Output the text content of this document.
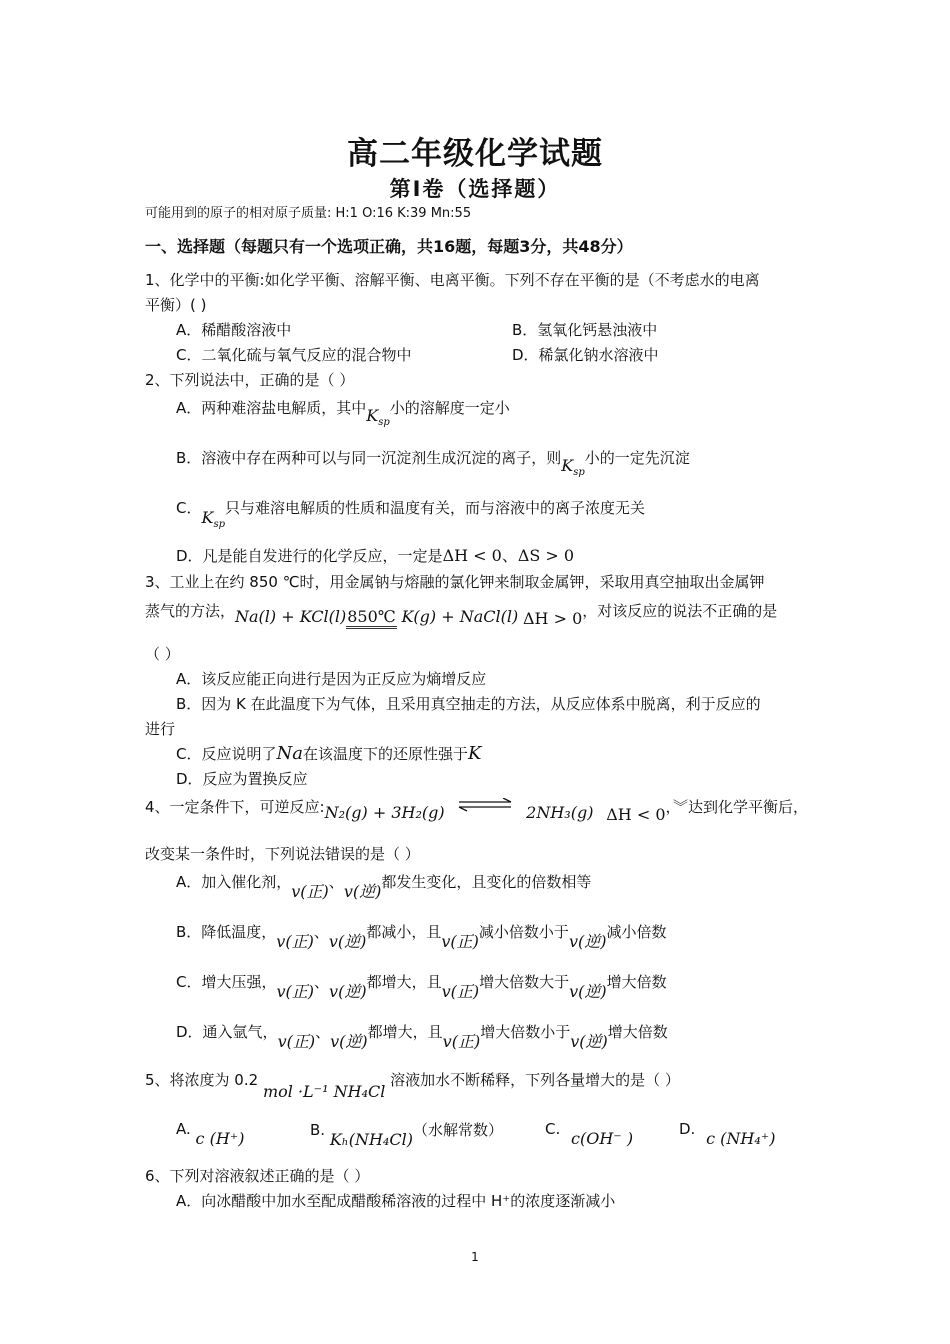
高二年级化学试题
第Ⅰ卷（选择题）
可能用到的原子的相对原子质量: H:1 O:16 K:39 Mn:55
一、选择题（每题只有一个选项正确，共16题，每题3分，共48分）
1、化学中的平衡:如化学平衡、溶解平衡、电离平衡。下列不存在平衡的是（不考虑水的电离
平衡）( )
A．稀醋酸溶液中	B．氢氧化钙悬浊液中
C．二氧化硫与氧气反应的混合物中	D．稀氯化钠水溶液中
2、下列说法中，正确的是（ ）
A．两种难溶盐电解质，其中$K_{sp}$小的溶解度一定小
B．溶液中存在两种可以与同一沉淀剂生成沉淀的离子，则$K_{sp}$小的一定先沉淀
C．$K_{sp}$只与难溶电解质的性质和温度有关，而与溶液中的离子浓度无关
D．凡是能自发进行的化学反应，一定是ΔH < 0、ΔS > 0
3、工业上在约 850 ℃时，用金属钠与熔融的氯化钾来制取金属钾，采取用真空抽取出金属钾
蒸气的方法，Na(l) + KCl(l)850℃ K(g) + NaCl(l) ΔH > 0，对该反应的说法不正确的是
（ ）
A．该反应能正向进行是因为正反应为熵增反应
B．因为 K 在此温度下为气体，且采用真空抽走的方法，从反应体系中脱离，利于反应的
进行
C．反应说明了Na在该温度下的还原性强于K
D．反应为置换反应
4、一定条件下，可逆反应:N₂(g) + 3H₂(g) ⇌ 2NH₃(g) ΔH < 0，︾达到化学平衡后，
改变某一条件时，下列说法错误的是（ ）
A．加入催化剂，v(正)、v(逆)都发生变化，且变化的倍数相等
B．降低温度，v(正)、v(逆)都减小，且v(正)减小倍数小于v(逆)减小倍数
C．增大压强，v(正)、v(逆)都增大，且v(正)增大倍数大于v(逆)增大倍数
D．通入氩气，v(正)、v(逆)都增大，且v(正)增大倍数小于v(逆)增大倍数
5、将浓度为 0.2 mol ·L⁻¹ NH₄Cl 溶液加水不断稀释，下列各量增大的是（ ）
A. c (H⁺)	B. Kₕ(NH₄Cl)（水解常数）	C. c(OH⁻ )	D. c (NH₄⁺)
6、下列对溶液叙述正确的是（ ）
A．向冰醋酸中加水至配成醋酸稀溶液的过程中 H⁺的浓度逐渐减小
1
